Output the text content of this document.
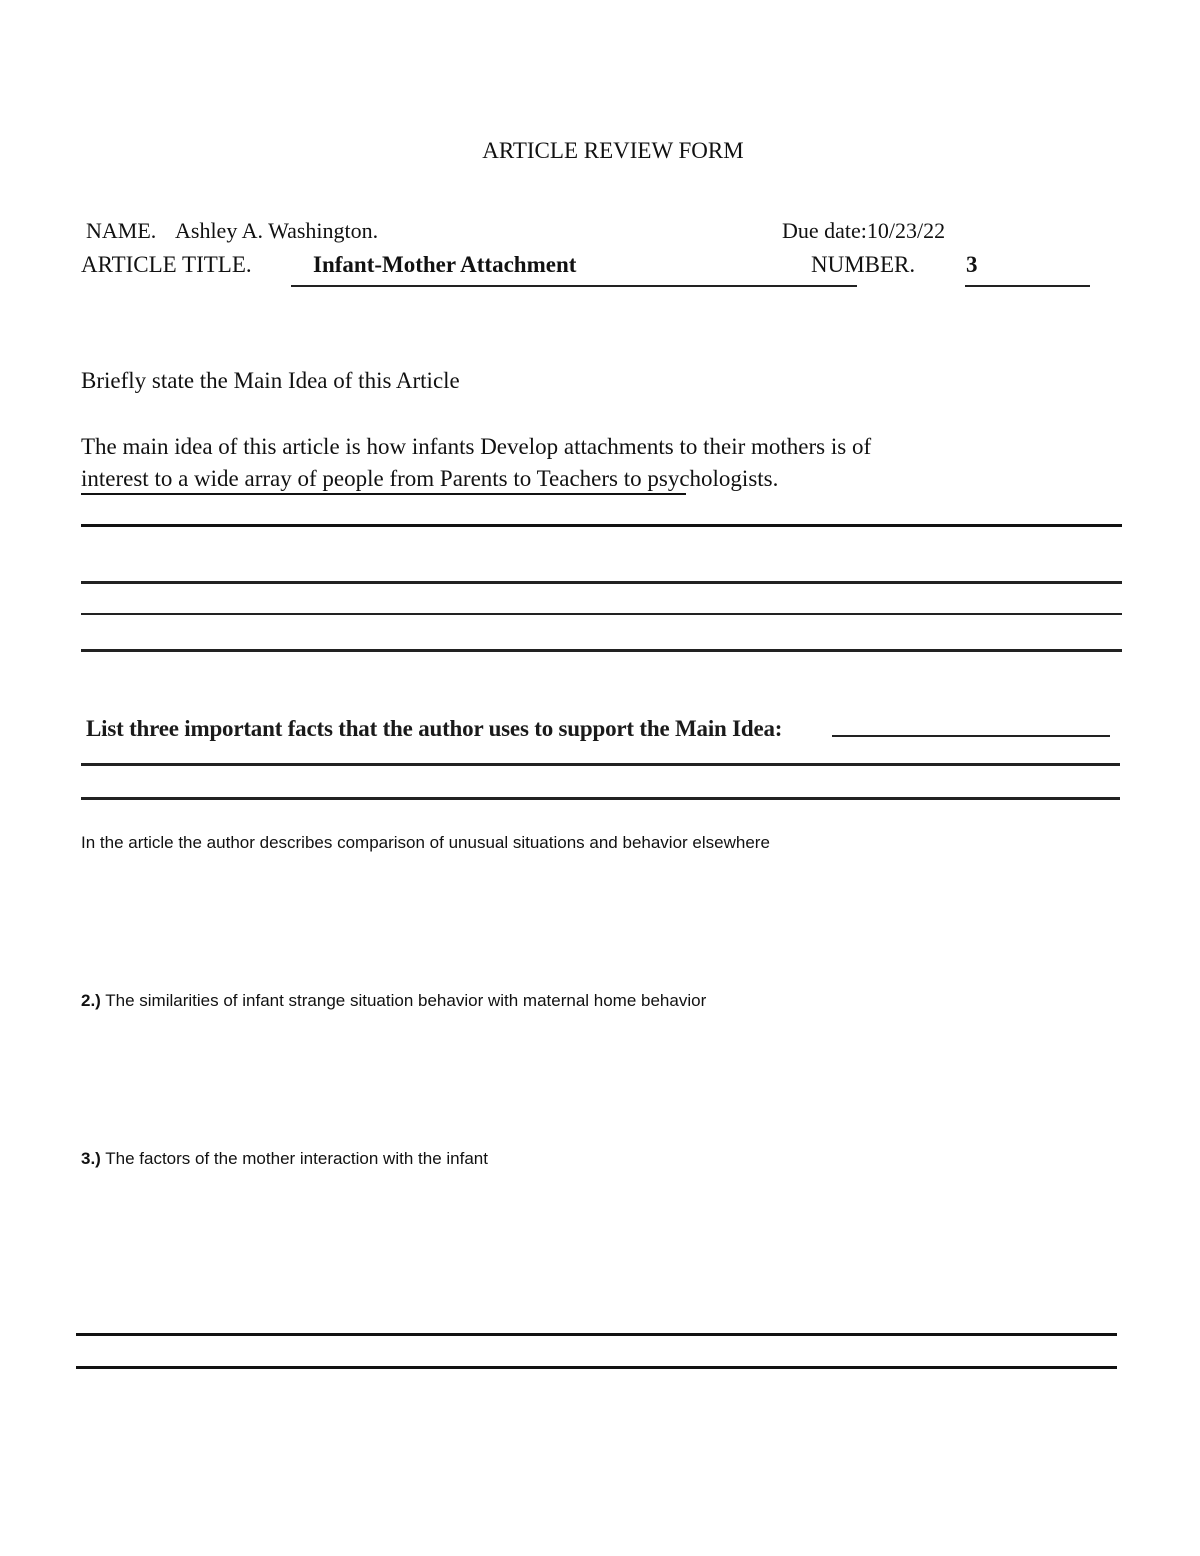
ARTICLE REVIEW FORM
NAME. Ashley A. Washington.	Due date:10/23/22
ARTICLE TITLE.	Infant-Mother Attachment	NUMBER. 3
Briefly state the Main Idea of this Article
The main idea of this article is how infants Develop attachments to their mothers is of
interest to a wide array of people from Parents to Teachers to psychologists.
List three important facts that the author uses to support the Main Idea:
In the article the author describes comparison of unusual situations and behavior elsewhere
2.) The similarities of infant strange situation behavior with maternal home behavior
3.) The factors of the mother interaction with the infant
